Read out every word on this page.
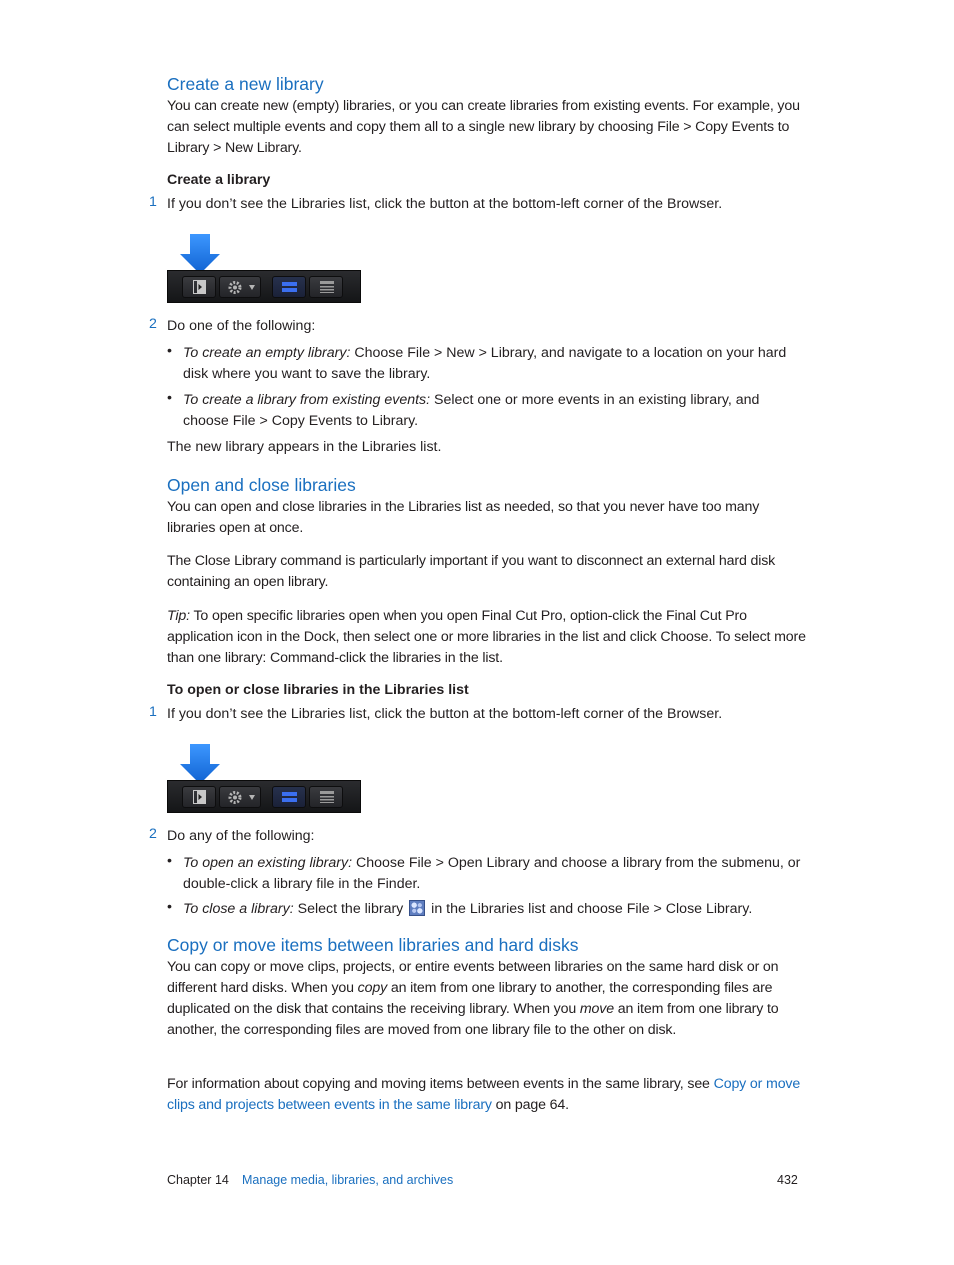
Create a new library
You can create new (empty) libraries, or you can create libraries from existing events. For example, you can select multiple events and copy them all to a single new library by choosing File > Copy Events to Library > New Library.
Create a library
1 If you don’t see the Libraries list, click the button at the bottom-left corner of the Browser.
2 Do one of the following:
• To create an empty library: Choose File > New > Library, and navigate to a location on your hard disk where you want to save the library.
• To create a library from existing events: Select one or more events in an existing library, and choose File > Copy Events to Library.
The new library appears in the Libraries list.
Open and close libraries
You can open and close libraries in the Libraries list as needed, so that you never have too many libraries open at once.
The Close Library command is particularly important if you want to disconnect an external hard disk containing an open library.
Tip: To open specific libraries open when you open Final Cut Pro, option-click the Final Cut Pro application icon in the Dock, then select one or more libraries in the list and click Choose. To select more than one library: Command-click the libraries in the list.
To open or close libraries in the Libraries list
1 If you don’t see the Libraries list, click the button at the bottom-left corner of the Browser.
2 Do any of the following:
• To open an existing library: Choose File > Open Library and choose a library from the submenu, or double-click a library file in the Finder.
• To close a library: Select the library  in the Libraries list and choose File > Close Library.
Copy or move items between libraries and hard disks
You can copy or move clips, projects, or entire events between libraries on the same hard disk or on different hard disks. When you copy an item from one library to another, the corresponding files are duplicated on the disk that contains the receiving library. When you move an item from one library to another, the corresponding files are moved from one library file to the other on disk.
For information about copying and moving items between events in the same library, see Copy or move clips and projects between events in the same library on page 64.
Chapter 14 Manage media, libraries, and archives	432
